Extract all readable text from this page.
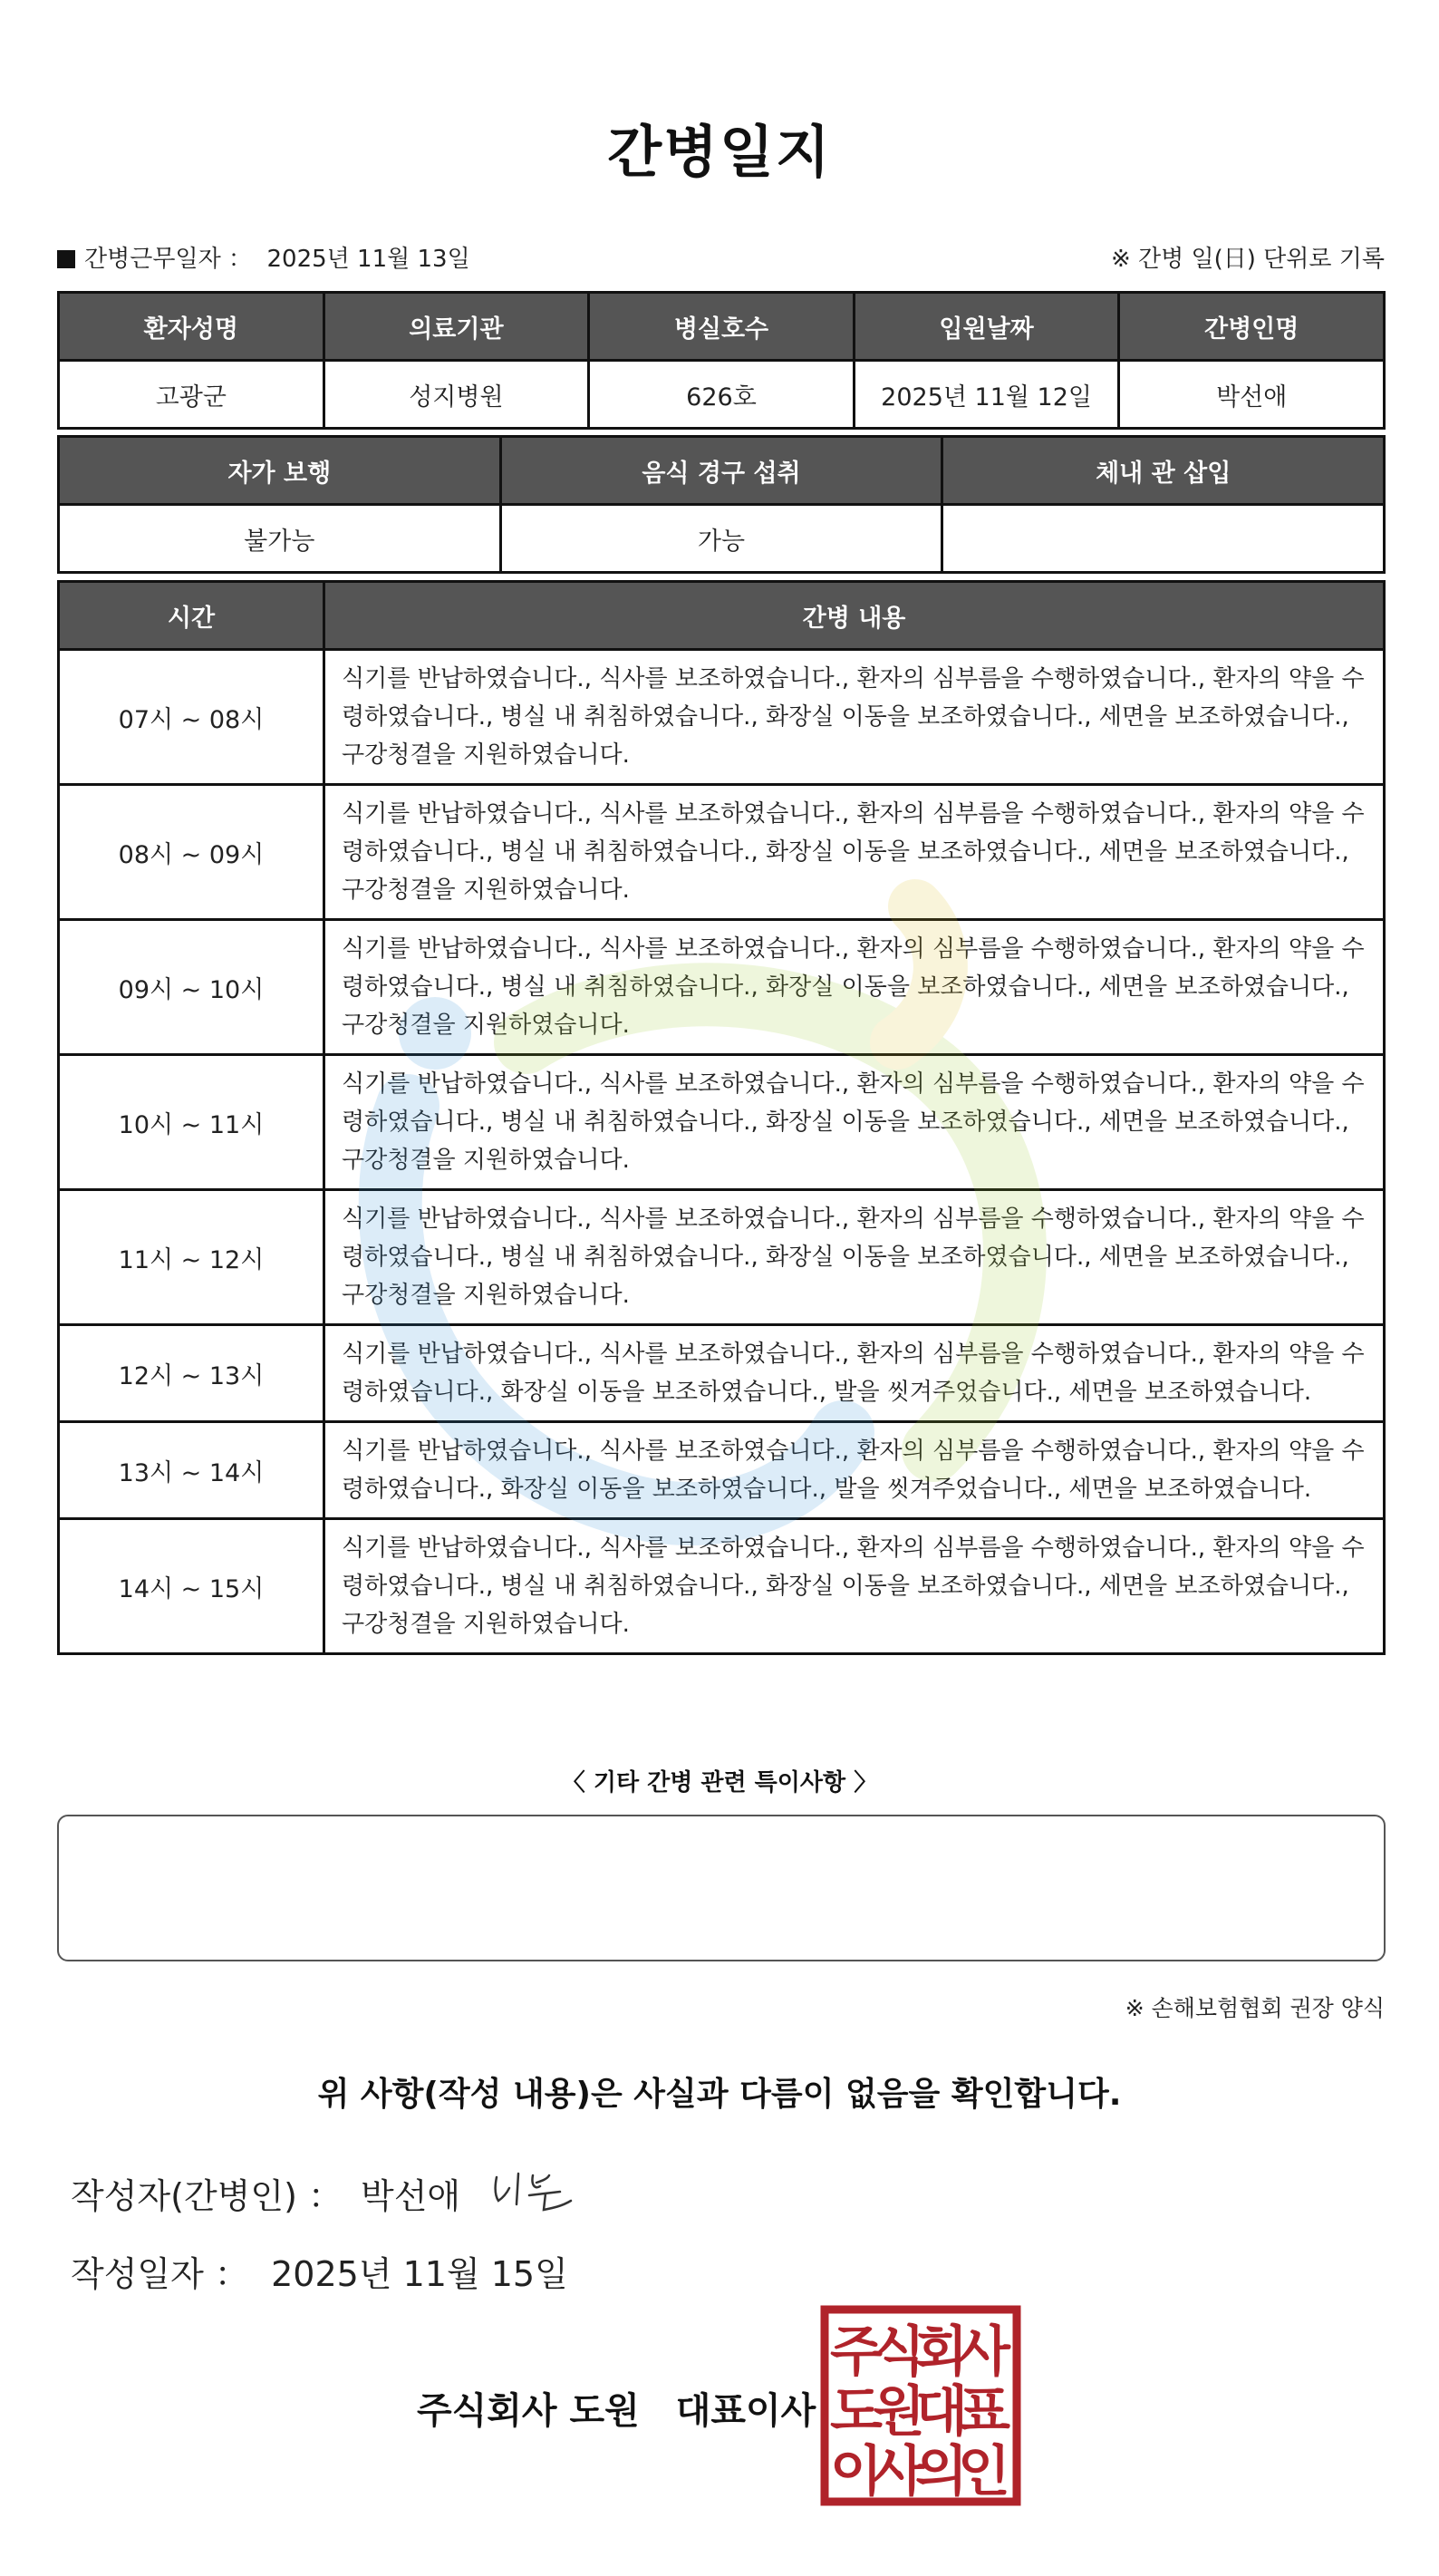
간병일지
간병근무일자 ： 2025년 11월 13일	※ 간병 일(日) 단위로 기록
환자성명	의료기관	병실호수	입원날짜	간병인명
고광군	성지병원	626호	2025년 11월 12일	박선애
자가 보행	음식 경구 섭취	체내 관 삽입
불가능	가능	
시간	간병 내용
07시 ~ 08시	식기를 반납하였습니다., 식사를 보조하였습니다., 환자의 심부름을 수행하였습니다., 환자의 약을 수령하였습니다., 병실 내 취침하였습니다., 화장실 이동을 보조하였습니다., 세면을 보조하였습니다., 구강청결을 지원하였습니다.
08시 ~ 09시	식기를 반납하였습니다., 식사를 보조하였습니다., 환자의 심부름을 수행하였습니다., 환자의 약을 수령하였습니다., 병실 내 취침하였습니다., 화장실 이동을 보조하였습니다., 세면을 보조하였습니다., 구강청결을 지원하였습니다.
09시 ~ 10시	식기를 반납하였습니다., 식사를 보조하였습니다., 환자의 심부름을 수행하였습니다., 환자의 약을 수령하였습니다., 병실 내 취침하였습니다., 화장실 이동을 보조하였습니다., 세면을 보조하였습니다., 구강청결을 지원하였습니다.
10시 ~ 11시	식기를 반납하였습니다., 식사를 보조하였습니다., 환자의 심부름을 수행하였습니다., 환자의 약을 수령하였습니다., 병실 내 취침하였습니다., 화장실 이동을 보조하였습니다., 세면을 보조하였습니다., 구강청결을 지원하였습니다.
11시 ~ 12시	식기를 반납하였습니다., 식사를 보조하였습니다., 환자의 심부름을 수행하였습니다., 환자의 약을 수령하였습니다., 병실 내 취침하였습니다., 화장실 이동을 보조하였습니다., 세면을 보조하였습니다., 구강청결을 지원하였습니다.
12시 ~ 13시	식기를 반납하였습니다., 식사를 보조하였습니다., 환자의 심부름을 수행하였습니다., 환자의 약을 수령하였습니다., 화장실 이동을 보조하였습니다., 발을 씻겨주었습니다., 세면을 보조하였습니다.
13시 ~ 14시	식기를 반납하였습니다., 식사를 보조하였습니다., 환자의 심부름을 수행하였습니다., 환자의 약을 수령하였습니다., 화장실 이동을 보조하였습니다., 발을 씻겨주었습니다., 세면을 보조하였습니다.
14시 ~ 15시	식기를 반납하였습니다., 식사를 보조하였습니다., 환자의 심부름을 수행하였습니다., 환자의 약을 수령하였습니다., 병실 내 취침하였습니다., 화장실 이동을 보조하였습니다., 세면을 보조하였습니다., 구강청결을 지원하였습니다.
〈 기타 간병 관련 특이사항 〉
※ 손해보험협회 권장 양식
위 사항(작성 내용)은 사실과 다름이 없음을 확인합니다.
작성자(간병인) ： 박선애
작성일자 ： 2025년 11월 15일
주식회사 도원 대표이사
주
식
회
사
도
원
대
표
이
사
의
인
